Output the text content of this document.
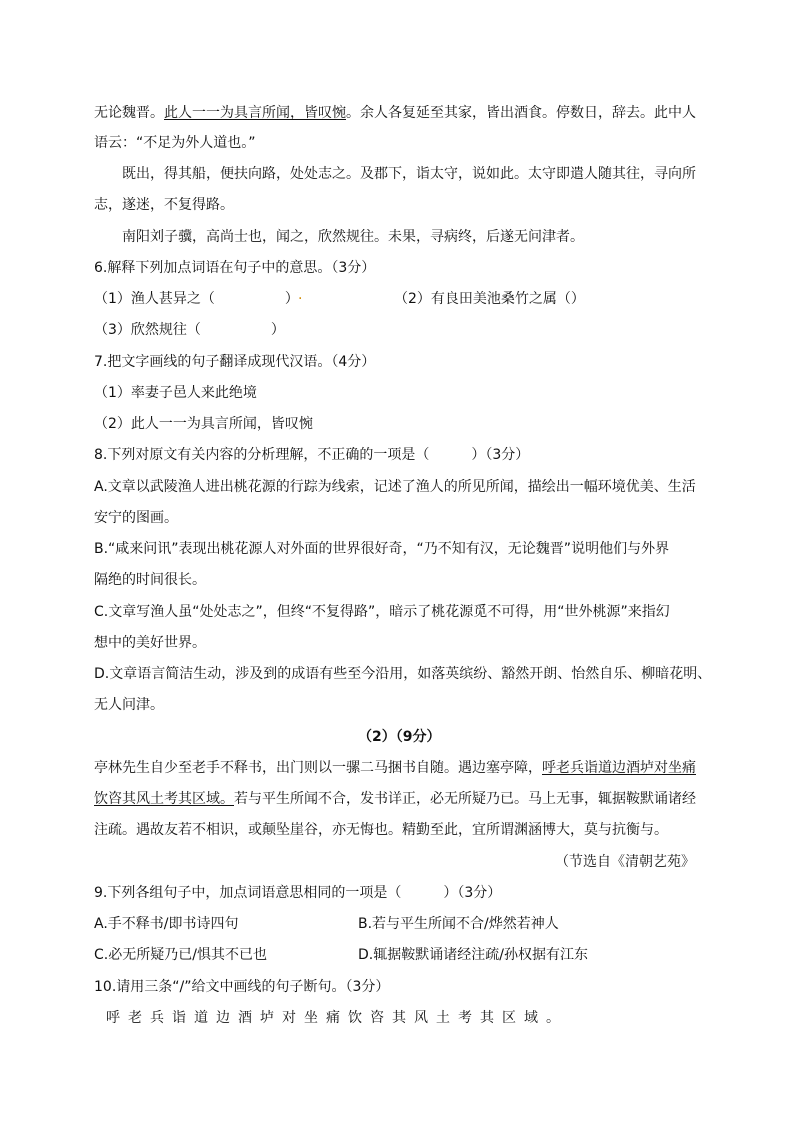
无论魏晋。此人一一为具言所闻，皆叹惋。余人各复延至其家，皆出酒食。停数日，辞去。此中人
语云：“不足为外人道也。”
既出，得其船，便扶向路，处处志之。及郡下，诣太守，说如此。太守即遣人随其往，寻向所
志，遂迷，不复得路。
南阳刘子骥，高尚士也，闻之，欣然规往。未果，寻病终，后遂无问津者。
6.解释下列加点词语在句子中的意思。（3分）
（1）渔人甚异之（　　　　　） .	（2）有良田美池桑竹之属（）
（3）欣然规往（　　　　　）
7.把文字画线的句子翻译成现代汉语。（4分）
（1）率妻子邑人来此绝境
（2）此人一一为具言所闻，皆叹惋
8.下列对原文有关内容的分析理解，不正确的一项是（　　　）（3分）
A.文章以武陵渔人进出桃花源的行踪为线索，记述了渔人的所见所闻，描绘出一幅环境优美、生活
安宁的图画。
B.“咸来问讯”表现出桃花源人对外面的世界很好奇，“乃不知有汉，无论魏晋”说明他们与外界
隔绝的时间很长。
C.文章写渔人虽“处处志之”，但终“不复得路”，暗示了桃花源觅不可得，用“世外桃源”来指幻
想中的美好世界。
D.文章语言简洁生动，涉及到的成语有些至今沿用，如落英缤纷、豁然开朗、怡然自乐、柳暗花明、
无人问津。
（2）（9分）
亭林先生自少至老手不释书，出门则以一骡二马捆书自随。遇边塞亭障，呼老兵诣道边酒垆对坐痛
饮咨其风土考其区域。若与平生所闻不合，发书详正，必无所疑乃已。马上无事，辄据鞍默诵诸经
注疏。遇故友若不相识，或颠坠崖谷，亦无悔也。精勤至此，宜所谓渊涵博大，莫与抗衡与。
（节选自《清朝艺苑》
9.下列各组句子中，加点词语意思相同的一项是（　　　）（3分）
A.手不释书/即书诗四句	B.若与平生所闻不合/烨然若神人
C.必无所疑乃已/惧其不已也	D.辄据鞍默诵诸经注疏/孙权据有江东
10.请用三条“/”给文中画线的句子断句。（3分）
呼老兵诣道边酒垆对坐痛饮咨其风土考其区域。
